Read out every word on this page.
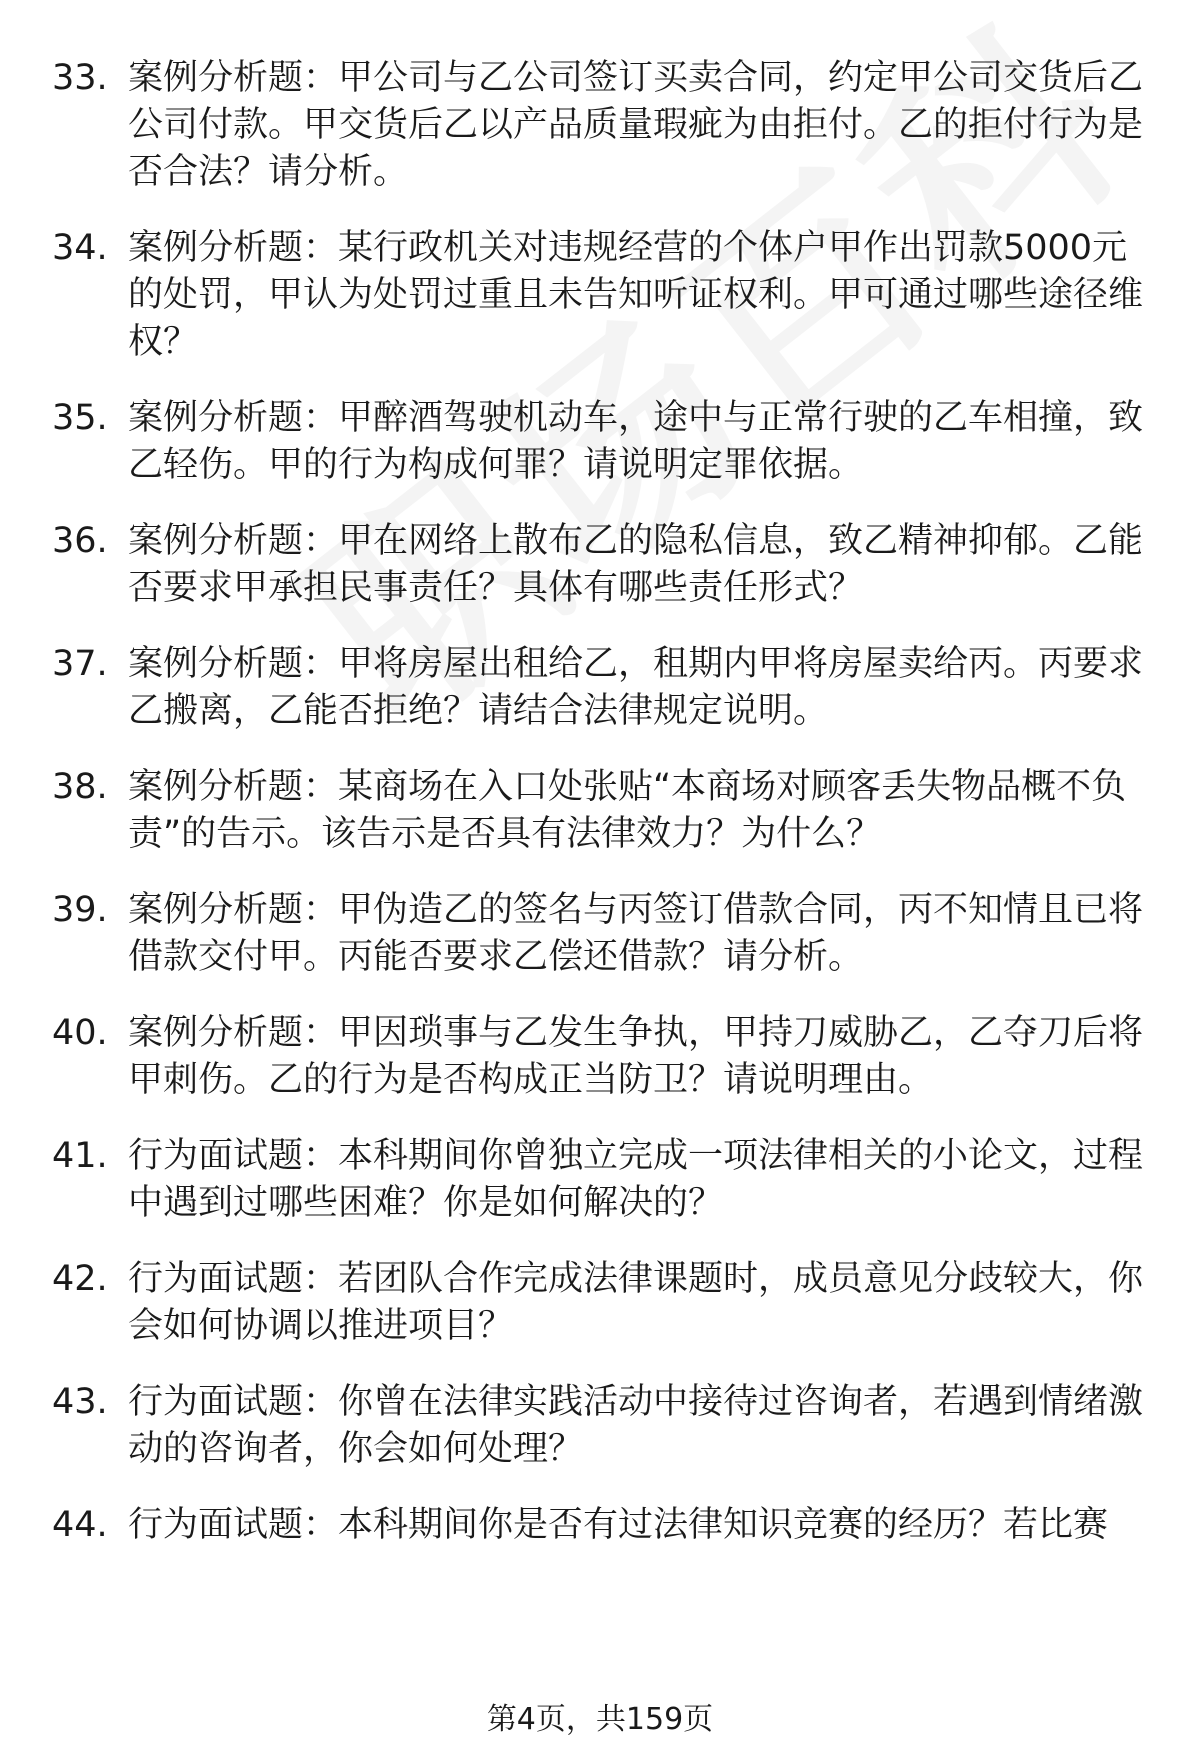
33. 案例分析题：甲公司与乙公司签订买卖合同，约定甲公司交货后乙公司付款。甲交货后乙以产品质量瑕疵为由拒付。乙的拒付行为是否合法？请分析。
34. 案例分析题：某行政机关对违规经营的个体户甲作出罚款5000元的处罚，甲认为处罚过重且未告知听证权利。甲可通过哪些途径维权？
35. 案例分析题：甲醉酒驾驶机动车，途中与正常行驶的乙车相撞，致乙轻伤。甲的行为构成何罪？请说明定罪依据。
36. 案例分析题：甲在网络上散布乙的隐私信息，致乙精神抑郁。乙能否要求甲承担民事责任？具体有哪些责任形式？
37. 案例分析题：甲将房屋出租给乙，租期内甲将房屋卖给丙。丙要求乙搬离，乙能否拒绝？请结合法律规定说明。
38. 案例分析题：某商场在入口处张贴“本商场对顾客丢失物品概不负责”的告示。该告示是否具有法律效力？为什么？
39. 案例分析题：甲伪造乙的签名与丙签订借款合同，丙不知情且已将借款交付甲。丙能否要求乙偿还借款？请分析。
40. 案例分析题：甲因琐事与乙发生争执，甲持刀威胁乙，乙夺刀后将甲刺伤。乙的行为是否构成正当防卫？请说明理由。
41. 行为面试题：本科期间你曾独立完成一项法律相关的小论文，过程中遇到过哪些困难？你是如何解决的？
42. 行为面试题：若团队合作完成法律课题时，成员意见分歧较大，你会如何协调以推进项目？
43. 行为面试题：你曾在法律实践活动中接待过咨询者，若遇到情绪激动的咨询者，你会如何处理？
44. 行为面试题：本科期间你是否有过法律知识竞赛的经历？若比赛
第4页，共159页
